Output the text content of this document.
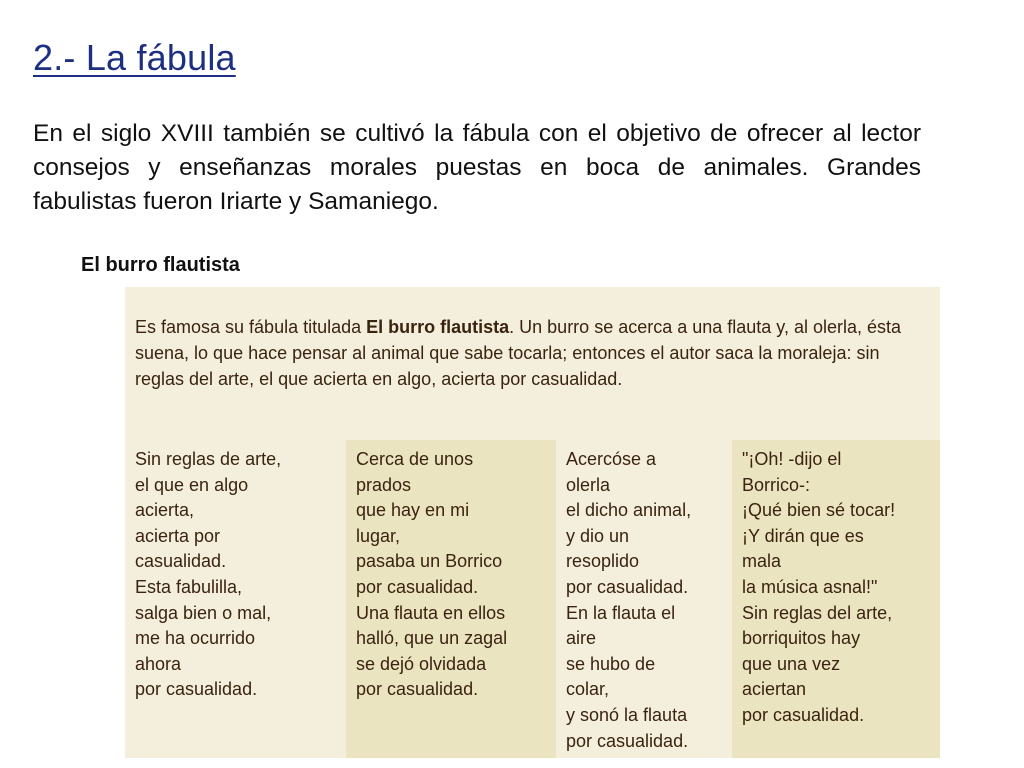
2.- La fábula

En el siglo XVIII también se cultivó la fábula con el objetivo de ofrecer al lector consejos y enseñanzas morales puestas en boca de animales. Grandes fabulistas fueron Iriarte y Samaniego.

El burro flautista

Es famosa su fábula titulada El burro flautista. Un burro se acerca a una flauta y, al olerla, ésta suena, lo que hace pensar al animal que sabe tocarla; entonces el autor saca la moraleja: sin reglas del arte, el que acierta en algo, acierta por casualidad.

Sin reglas de arte,
el que en algo
acierta,
acierta por
casualidad.
Esta fabulilla,
salga bien o mal,
me ha ocurrido
ahora
por casualidad.
Cerca de unos
prados
que hay en mi
lugar,
pasaba un Borrico
por casualidad.
Una flauta en ellos
halló, que un zagal
se dejó olvidada
por casualidad.
Acercóse a
olerla
el dicho animal,
y dio un
resoplido
por casualidad.
En la flauta el
aire
se hubo de
colar,
y sonó la flauta
por casualidad.
"¡Oh! -dijo el
Borrico-:
¡Qué bien sé tocar!
¡Y dirán que es
mala
la música asnal!"
Sin reglas del arte,
borriquitos hay
que una vez
aciertan
por casualidad.
